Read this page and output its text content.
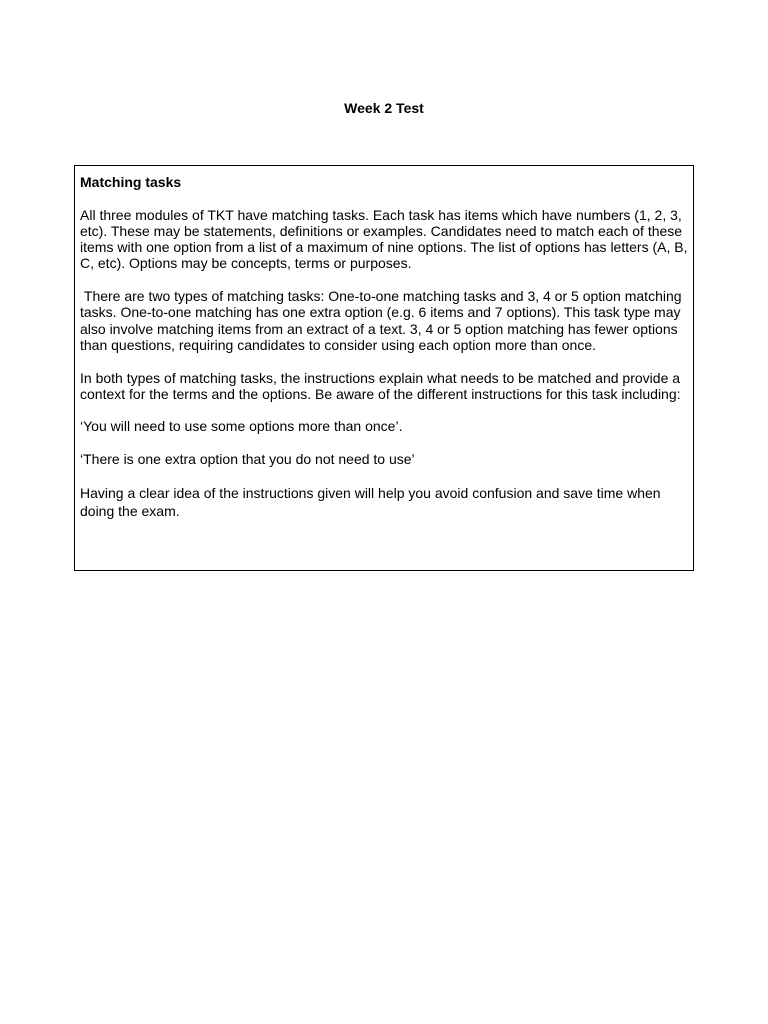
Week 2 Test
Matching tasks

All three modules of TKT have matching tasks. Each task has items which have numbers (1, 2, 3, etc). These may be statements, definitions or examples. Candidates need to match each of these items with one option from a list of a maximum of nine options. The list of options has letters (A, B, C, etc). Options may be concepts, terms or purposes.

There are two types of matching tasks: One-to-one matching tasks and 3, 4 or 5 option matching tasks. One-to-one matching has one extra option (e.g. 6 items and 7 options). This task type may also involve matching items from an extract of a text. 3, 4 or 5 option matching has fewer options than questions, requiring candidates to consider using each option more than once.

In both types of matching tasks, the instructions explain what needs to be matched and provide a context for the terms and the options. Be aware of the different instructions for this task including:

‘You will need to use some options more than once’.

‘There is one extra option that you do not need to use’

Having a clear idea of the instructions given will help you avoid confusion and save time when doing the exam.
